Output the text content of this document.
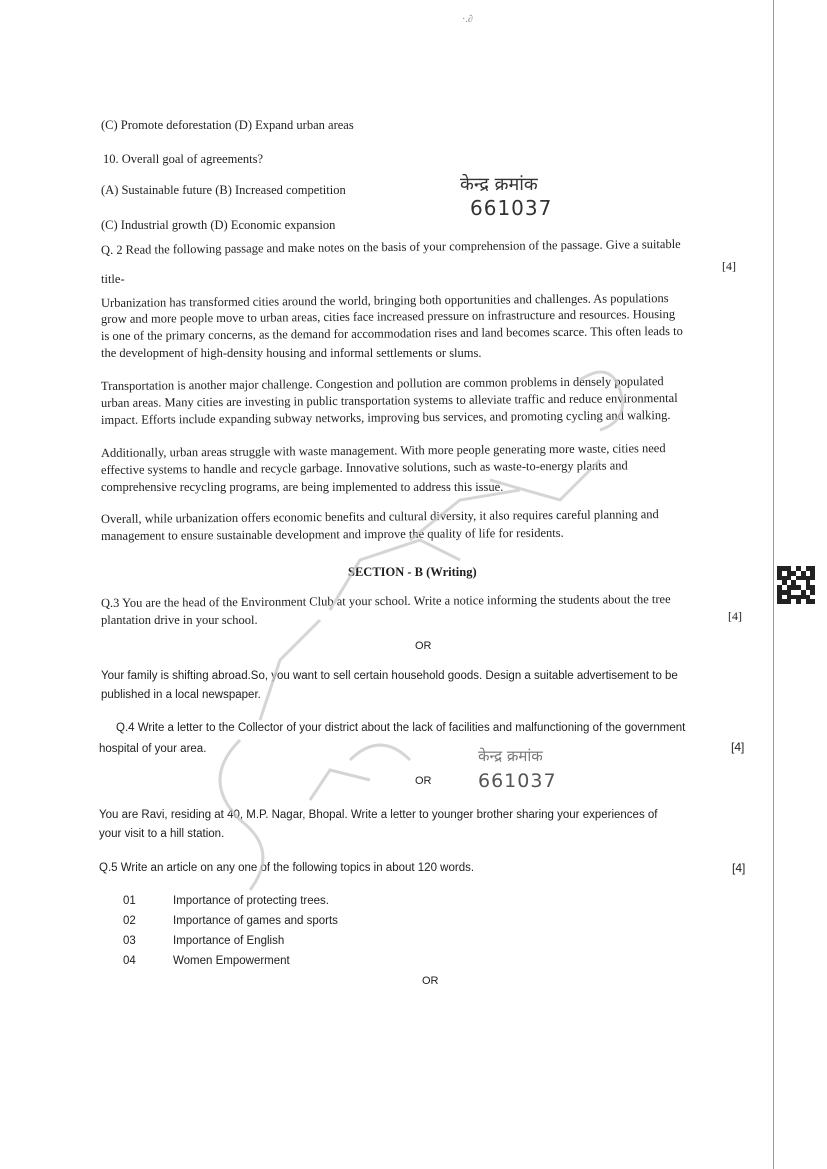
·.∂
(C) Promote deforestation (D) Expand urban areas
10. Overall goal of agreements?
(A) Sustainable future (B) Increased competition
(C) Industrial growth (D) Economic expansion
केन्द्र क्रमांक
661037
Q. 2 Read the following passage and make notes on the basis of your comprehension of the passage. Give a suitable
title-
[4]
Urbanization has transformed cities around the world, bringing both opportunities and challenges. As populations
grow and more people move to urban areas, cities face increased pressure on infrastructure and resources. Housing
is one of the primary concerns, as the demand for accommodation rises and land becomes scarce. This often leads to
the development of high-density housing and informal settlements or slums.
Transportation is another major challenge. Congestion and pollution are common problems in densely populated
urban areas. Many cities are investing in public transportation systems to alleviate traffic and reduce environmental
impact. Efforts include expanding subway networks, improving bus services, and promoting cycling and walking.
Additionally, urban areas struggle with waste management. With more people generating more waste, cities need
effective systems to handle and recycle garbage. Innovative solutions, such as waste-to-energy plants and
comprehensive recycling programs, are being implemented to address this issue.
Overall, while urbanization offers economic benefits and cultural diversity, it also requires careful planning and
management to ensure sustainable development and improve the quality of life for residents.
SECTION - B (Writing)
Q.3 You are the head of the Environment Club at your school. Write a notice informing the students about the tree
plantation drive in your school.	[4]
OR
Your family is shifting abroad.So, you want to sell certain household goods. Design a suitable advertisement to be
published in a local newspaper.
Q.4 Write a letter to the Collector of your district about the lack of facilities and malfunctioning of the government
hospital of your area.	[4]
केन्द्र क्रमांक
OR 661037
You are Ravi, residing at 40, M.P. Nagar, Bhopal. Write a letter to younger brother sharing your experiences of
your visit to a hill station.
Q.5 Write an article on any one of the following topics in about 120 words.	[4]
01	Importance of protecting trees.
02	Importance of games and sports
03	Importance of English
04	Women Empowerment
OR
